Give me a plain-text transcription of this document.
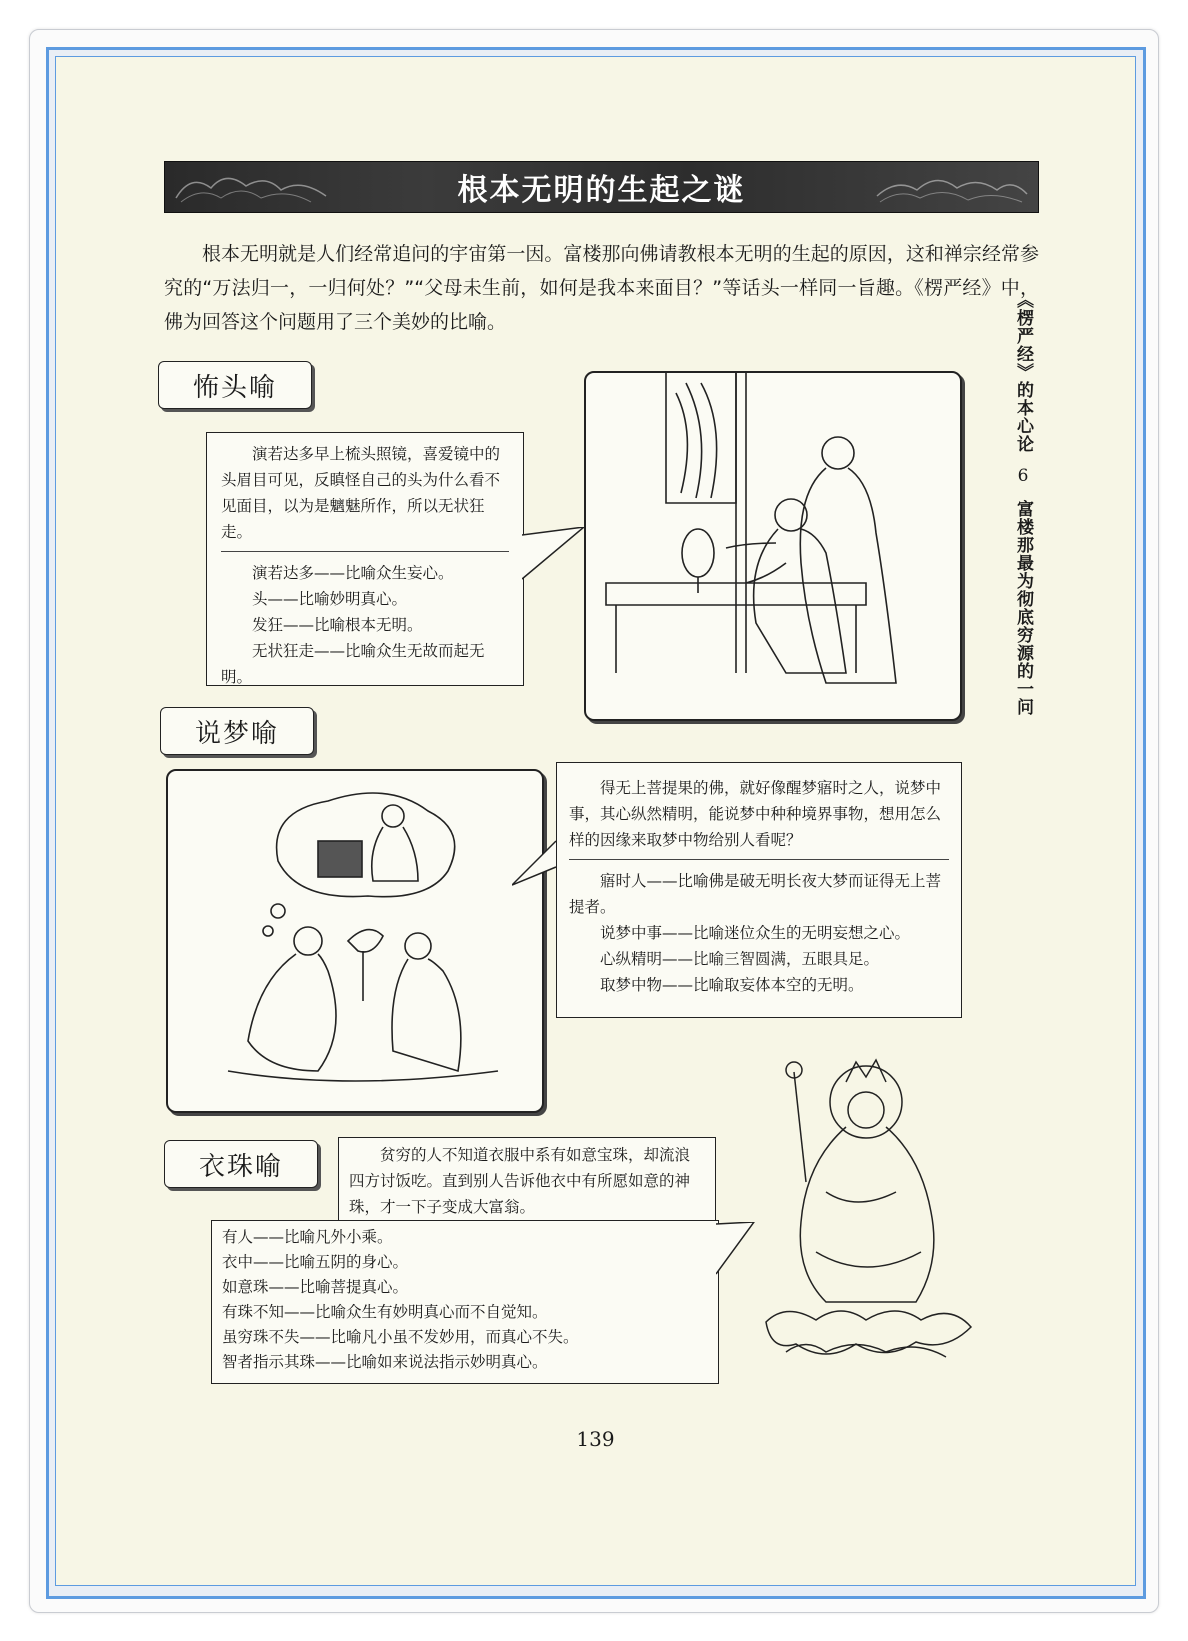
根本无明的生起之谜
根本无明就是人们经常追问的宇宙第一因。富楼那向佛请教根本无明的生起的原因，这和禅宗经常参究的“万法归一，一归何处？”“父母未生前，如何是我本来面目？”等话头一样同一旨趣。《楞严经》中，佛为回答这个问题用了三个美妙的比喻。	《楞严经》的本心论 6 富楼那最为彻底穷源的一问
怖头喻

演若达多早上梳头照镜，喜爱镜中的头眉目可见，反瞋怪自己的头为什么看不见面目，以为是魑魅所作，所以无状狂走。

演若达多——比喻众生妄心。

头——比喻妙明真心。

发狂——比喻根本无明。

无状狂走——比喻众生无故而起无明。

说梦喻

得无上菩提果的佛，就好像醒梦寤时之人，说梦中事，其心纵然精明，能说梦中种种境界事物，想用怎么样的因缘来取梦中物给别人看呢？

寤时人——比喻佛是破无明长夜大梦而证得无上菩提者。

说梦中事——比喻迷位众生的无明妄想之心。

心纵精明——比喻三智圆满，五眼具足。

取梦中物——比喻取妄体本空的无明。

衣珠喻	贫穷的人不知道衣服中系有如意宝珠，却流浪四方讨饭吃。直到别人告诉他衣中有所愿如意的神珠，才一下子变成大富翁。

有人——比喻凡外小乘。

衣中——比喻五阴的身心。

如意珠——比喻菩提真心。

有珠不知——比喻众生有妙明真心而不自觉知。

虽穷珠不失——比喻凡小虽不发妙用，而真心不失。

智者指示其珠——比喻如来说法指示妙明真心。

139
